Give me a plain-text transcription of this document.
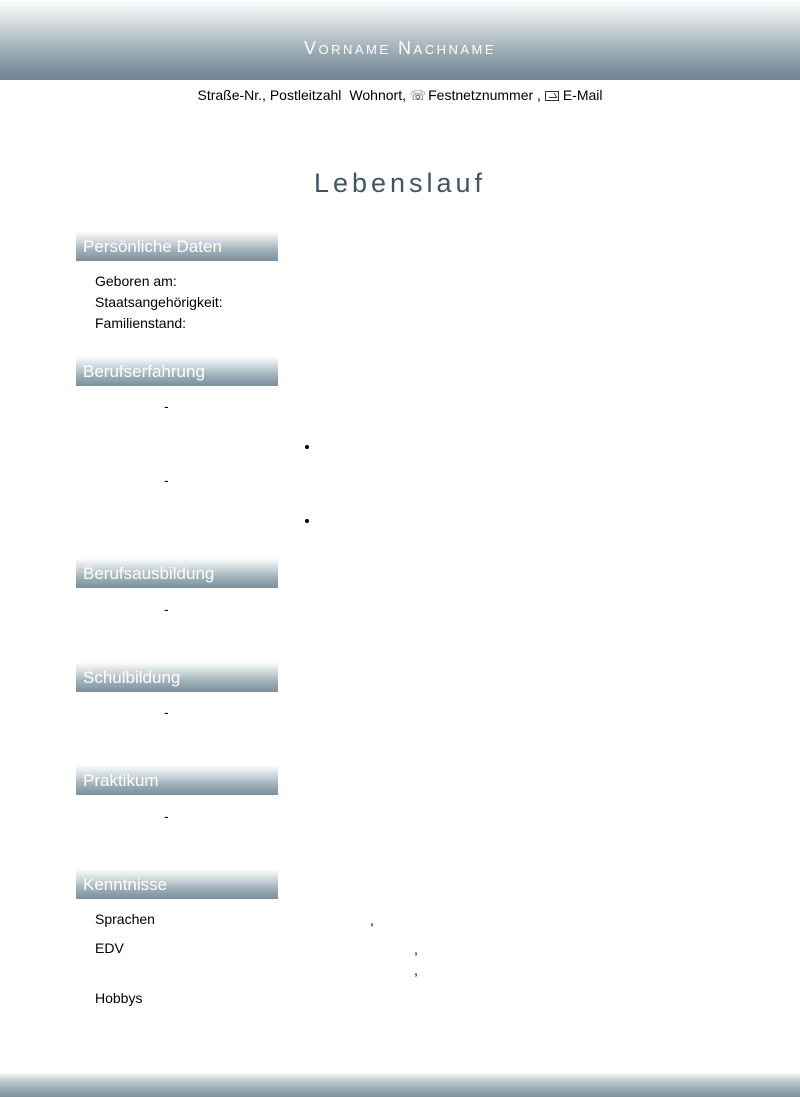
Vorname Nachname
Straße-Nr., Postleitzahl Wohnort, ☏ Festnetznummer , E-Mail
Lebenslauf
Persönliche Daten
Geboren am:
Staatsangehörigkeit:
Familienstand:
Berufserfahrung
-
-
Berufsausbildung
-
Schulbildung
-
Praktikum
-
Kenntnisse
Sprachen	,
EDV	,
,
Hobbys
